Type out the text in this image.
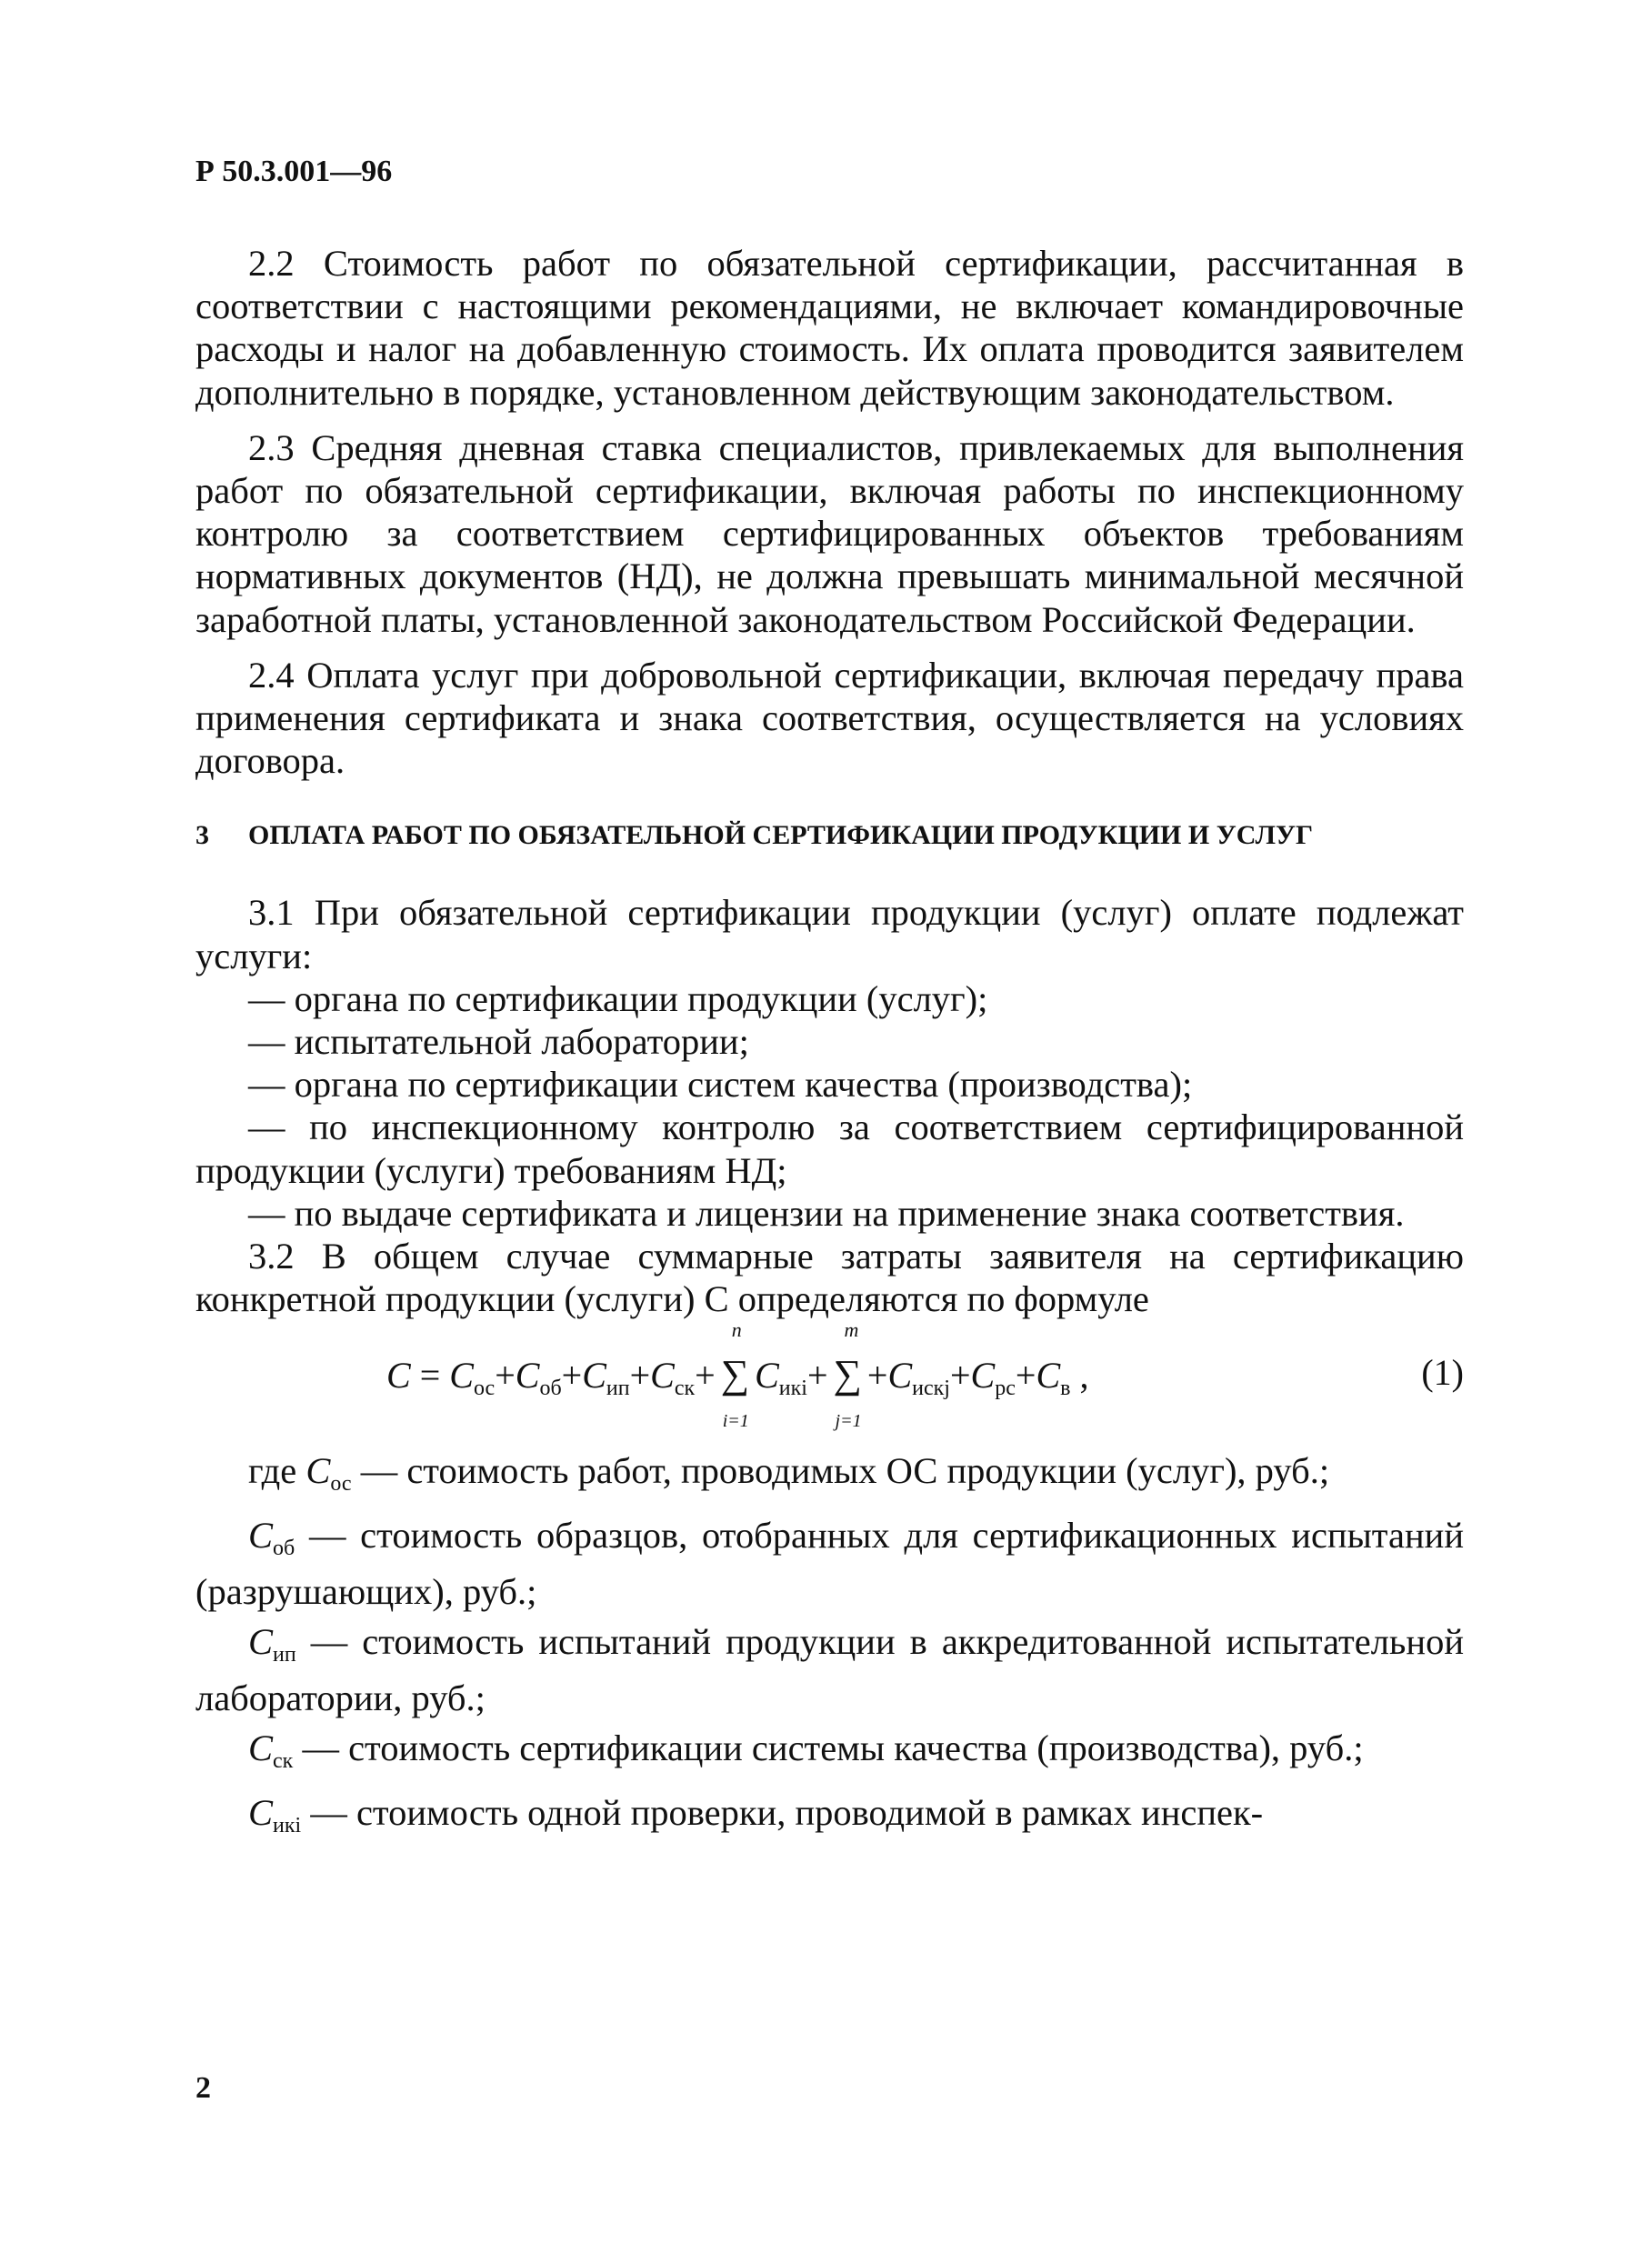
Р 50.3.001—96

2.2 Стоимость работ по обязательной сертификации, рассчитанная в соответствии с настоящими рекомендациями, не включает командировочные расходы и налог на добавленную стоимость. Их оплата проводится заявителем дополнительно в порядке, установленном действующим законодательством.

2.3 Средняя дневная ставка специалистов, привлекаемых для выполнения работ по обязательной сертификации, включая работы по инспекционному контролю за соответствием сертифицированных объектов требованиям нормативных документов (НД), не должна превышать минимальной месячной заработной платы, установленной законодательством Российской Федерации.

2.4 Оплата услуг при добровольной сертификации, включая передачу права применения сертификата и знака соответствия, осуществляется на условиях договора.

3 ОПЛАТА РАБОТ ПО ОБЯЗАТЕЛЬНОЙ СЕРТИФИКАЦИИ ПРОДУКЦИИ И УСЛУГ

3.1 При обязательной сертификации продукции (услуг) оплате подлежат услуги:

— органа по сертификации продукции (услуг);

— испытательной лаборатории;

— органа по сертификации систем качества (производства);

— по инспекционному контролю за соответствием сертифицированной продукции (услуги) требованиям НД;

— по выдаче сертификата и лицензии на применение знака соответствия.

3.2 В общем случае суммарные затраты заявителя на сертификацию конкретной продукции (услуги) C определяются по формуле

$C = C_{ос}+C_{об}+C_{ип}+C_{ск}+$
n
∑
i=1
$C_{икi}+$
m
∑
j=1
$+C_{искj}+C_{рс}+C_в$ ,	(1)

где $C_{ос}$ — стоимость работ, проводимых ОС продукции (услуг), руб.;

$C_{об}$ — стоимость образцов, отобранных для сертификационных испытаний (разрушающих), руб.;

$C_{ип}$ — стоимость испытаний продукции в аккредитованной испытательной лаборатории, руб.;

$C_{ск}$ — стоимость сертификации системы качества (производства), руб.;

$C_{икi}$ — стоимость одной проверки, проводимой в рамках инспек-

2
